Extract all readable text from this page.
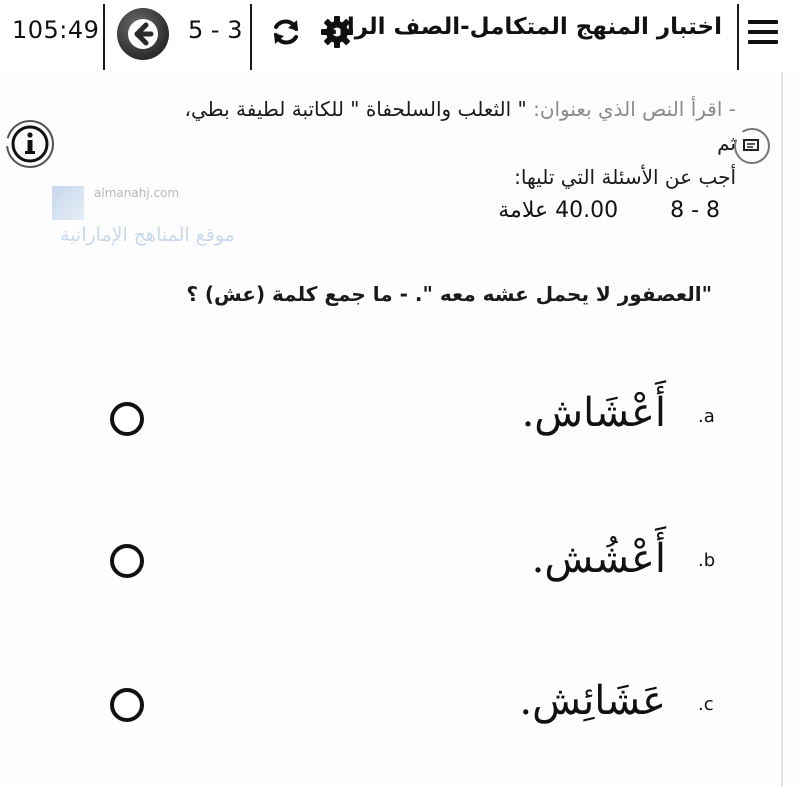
105:49	5 - 3	اختبار المنهج المتكامل-الصف الرا...
- اقرأ النص الذي بعنوان: " الثعلب والسلحفاة " للكاتبة لطيفة بطي، ثم
أجب عن الأسئلة التي تليها:
almanahj.com
موقع المناهج الإماراتية
40.00 علامة 8 - 8
"العصفور لا يحمل عشه معه ". - ما جمع كلمة (عش) ؟
أَعْشَاش. .a
أَعْشُش. .b
عَشَائِش. .c
